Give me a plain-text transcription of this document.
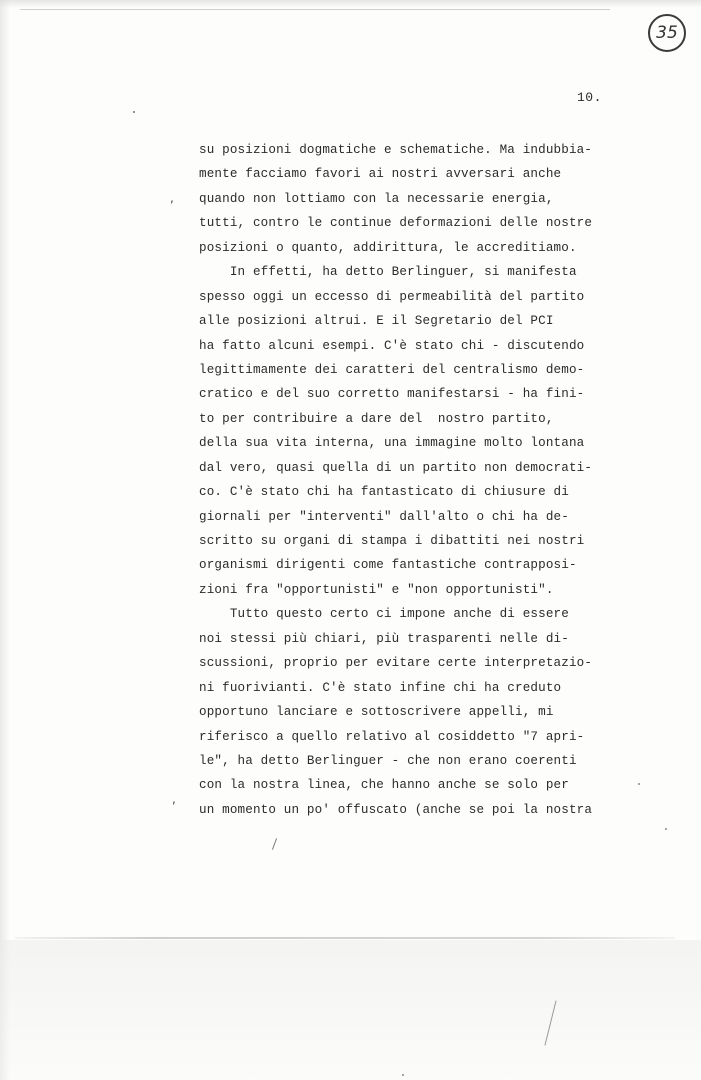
35
10.
,
,
su posizioni dogmatiche e schematiche. Ma indubbia-
mente facciamo favori ai nostri avversari anche
quando non lottiamo con la necessarie energia,
tutti, contro le continue deformazioni delle nostre
posizioni o quanto, addirittura, le accreditiamo.
In effetti, ha detto Berlinguer, si manifesta
spesso oggi un eccesso di permeabilità del partito
alle posizioni altrui. E il Segretario del PCI
ha fatto alcuni esempi. C'è stato chi - discutendo
legittimamente dei caratteri del centralismo demo-
cratico e del suo corretto manifestarsi - ha fini-
to per contribuire a dare del  nostro partito,
della sua vita interna, una immagine molto lontana
dal vero, quasi quella di un partito non democrati-
co. C'è stato chi ha fantasticato di chiusure di
giornali per "interventi" dall'alto o chi ha de-
scritto su organi di stampa i dibattiti nei nostri
organismi dirigenti come fantastiche contrapposi-
zioni fra "opportunisti" e "non opportunisti".
Tutto questo certo ci impone anche di essere
noi stessi più chiari, più trasparenti nelle di-
scussioni, proprio per evitare certe interpretazio-
ni fuorivianti. C'è stato infine chi ha creduto
opportuno lanciare e sottoscrivere appelli, mi
riferisco a quello relativo al cosiddetto "7 apri-
le", ha detto Berlinguer - che non erano coerenti
con la nostra linea, che hanno anche se solo per
un momento un po' offuscato (anche se poi la nostra
